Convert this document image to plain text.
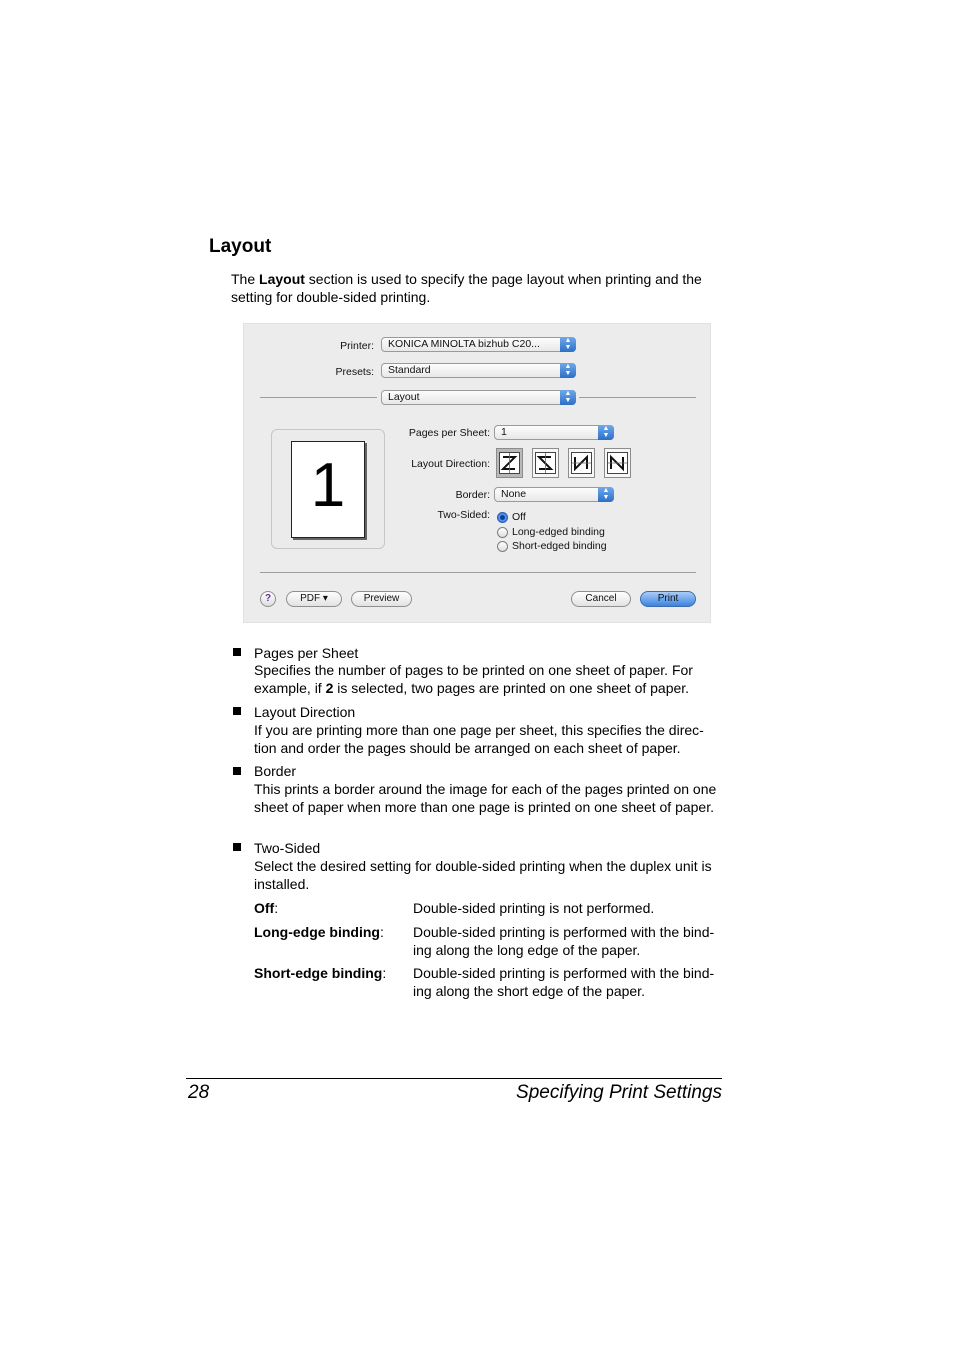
Layout

The Layout section is used to specify the page layout when printing and the setting for double-sided printing.

Printer:	KONICA MINOLTA bizhub C20...	▲
▼
Presets:	Standard	▲
▼
Layout	▲
▼
1
Pages per Sheet:	1	▲
▼
Layout Direction:
Border:	None	▲
▼
Two-Sided: Off
Long-edged binding
Short-edged binding
?	PDF ▾	Preview	Cancel	Print
Pages per Sheet

Specifies the number of pages to be printed on one sheet of paper. For example, if 2 is selected, two pages are printed on one sheet of paper.

Layout Direction

If you are printing more than one page per sheet, this specifies the direc-tion and order the pages should be arranged on each sheet of paper.

Border

This prints a border around the image for each of the pages printed on one sheet of paper when more than one page is printed on one sheet of paper.

Two-Sided

Select the desired setting for double-sided printing when the duplex unit is installed.

Off:	Double-sided printing is not performed.
Long-edge binding: Double-sided printing is performed with the bind-ing along the long edge of the paper.
Short-edge binding: Double-sided printing is performed with the bind-ing along the short edge of the paper.
28	Specifying Print Settings
